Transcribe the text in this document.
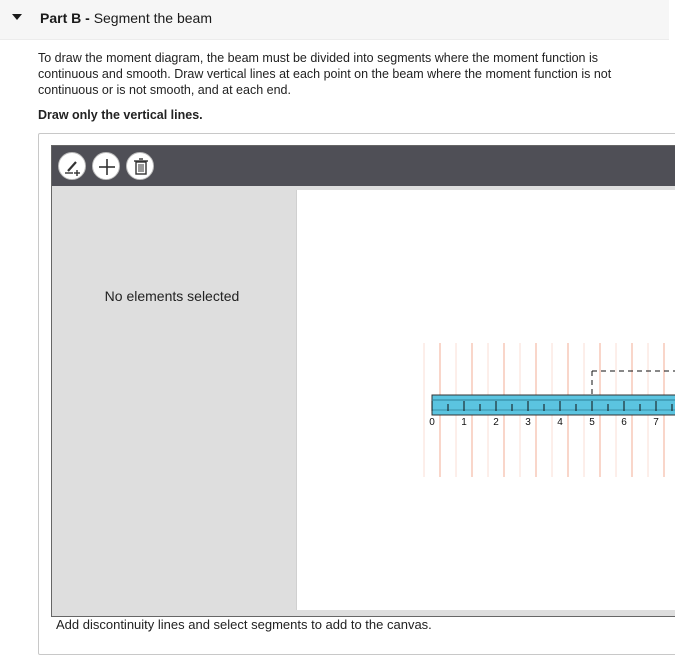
Part B - Segment the beam
To draw the moment diagram, the beam must be divided into segments where the moment function is continuous and smooth. Draw vertical lines at each point on the beam where the moment function is not continuous or is not smooth, and at each end.
Draw only the vertical lines.
No elements selected
0	1	2	3	4	5	6	7
Add discontinuity lines and select segments to add to the canvas.
